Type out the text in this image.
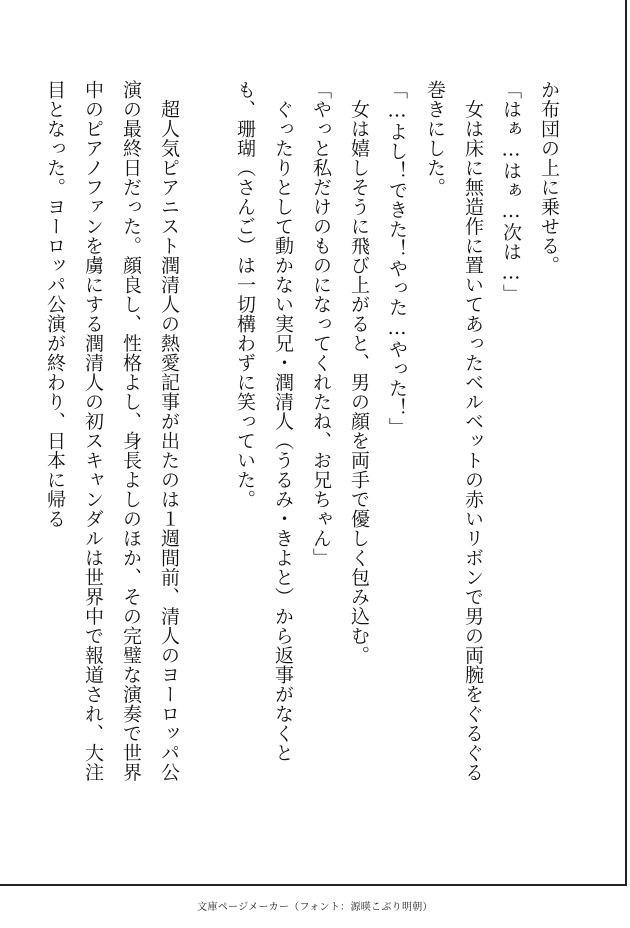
か布団の上に乗せる。

「はぁ…はぁ…次は…」

　女は床に無造作に置いてあったベルベットの赤いリボンで男の両腕をぐるぐる巻きにした。

「…よし！できた！やった…やった！」

　女は嬉しそうに飛び上がると、男の顔を両手で優しく包み込む。

「やっと私だけのものになってくれたね、お兄ちゃん」

　ぐったりとして動かない実兄・潤清人（うるみ・きよと）から返事がなくとも、珊瑚（さんご）は一切構わずに笑っていた。

　超人気ピアニスト潤清人の熱愛記事が出たのは１週間前、清人のヨーロッパ公演の最終日だった。顔良し、性格よし、身長よしのほか、その完璧な演奏で世界中のピアノファンを虜にする潤清人の初スキャンダルは世界中で報道され、大注目となった。ヨーロッパ公演が終わり、日本に帰る

文庫ページメーカー（フォント：源暎こぶり明朝）
